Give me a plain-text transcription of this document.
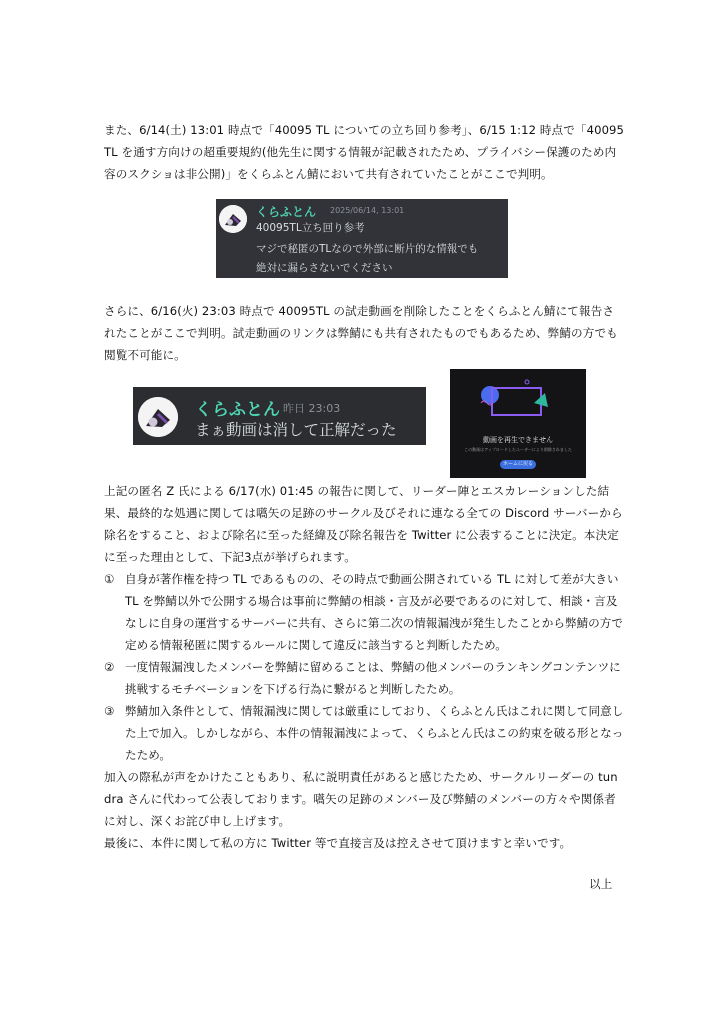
また、6/14(土) 13:01 時点で「40095 TL についての立ち回り参考」、6/15 1:12 時点で「40095 TL を通す方向けの超重要規約(他先生に関する情報が記載されたため、プライバシー保護のため内容のスクショは非公開)」をくらふとん鯖において共有されていたことがここで判明。
くらふとん 2025/06/14, 13:01
40095TL立ち回り参考
マジで秘匿のTLなので外部に断片的な情報でも
絶対に漏らさないでください
さらに、6/16(火) 23:03 時点で 40095TL の試走動画を削除したことをくらふとん鯖にて報告されたことがここで判明。試走動画のリンクは弊鯖にも共有されたものでもあるため、弊鯖の方でも閲覧不可能に。
くらふとん 昨日 23:03
まぁ動画は消して正解だった
動画を再生できません
この動画はアップロードしたユーザーにより削除されました
ホームに戻る
上記の匿名 Z 氏による 6/17(水) 01:45 の報告に関して、リーダー陣とエスカレーションした結果、最終的な処遇に関しては嚆矢の足跡のサークル及びそれに連なる全ての Discord サーバーから除名をすること、および除名に至った経緯及び除名報告を Twitter に公表することに決定。本決定に至った理由として、下記3点が挙げられます。
① 自身が著作権を持つ TL であるものの、その時点で動画公開されている TL に対して差が大きい TL を弊鯖以外で公開する場合は事前に弊鯖の相談・言及が必要であるのに対して、相談・言及なしに自身の運営するサーバーに共有、さらに第二次の情報漏洩が発生したことから弊鯖の方で定める情報秘匿に関するルールに関して違反に該当すると判断したため。
② 一度情報漏洩したメンバーを弊鯖に留めることは、弊鯖の他メンバーのランキングコンテンツに挑戦するモチベーションを下げる行為に繋がると判断したため。
③ 弊鯖加入条件として、情報漏洩に関しては厳重にしており、くらふとん氏はこれに関して同意した上で加入。しかしながら、本件の情報漏洩によって、くらふとん氏はこの約束を破る形となったため。
加入の際私が声をかけたこともあり、私に説明責任があると感じたため、サークルリーダーの tundra さんに代わって公表しております。嚆矢の足跡のメンバー及び弊鯖のメンバーの方々や関係者に対し、深くお詫び申し上げます。
最後に、本件に関して私の方に Twitter 等で直接言及は控えさせて頂けますと幸いです。
以上
